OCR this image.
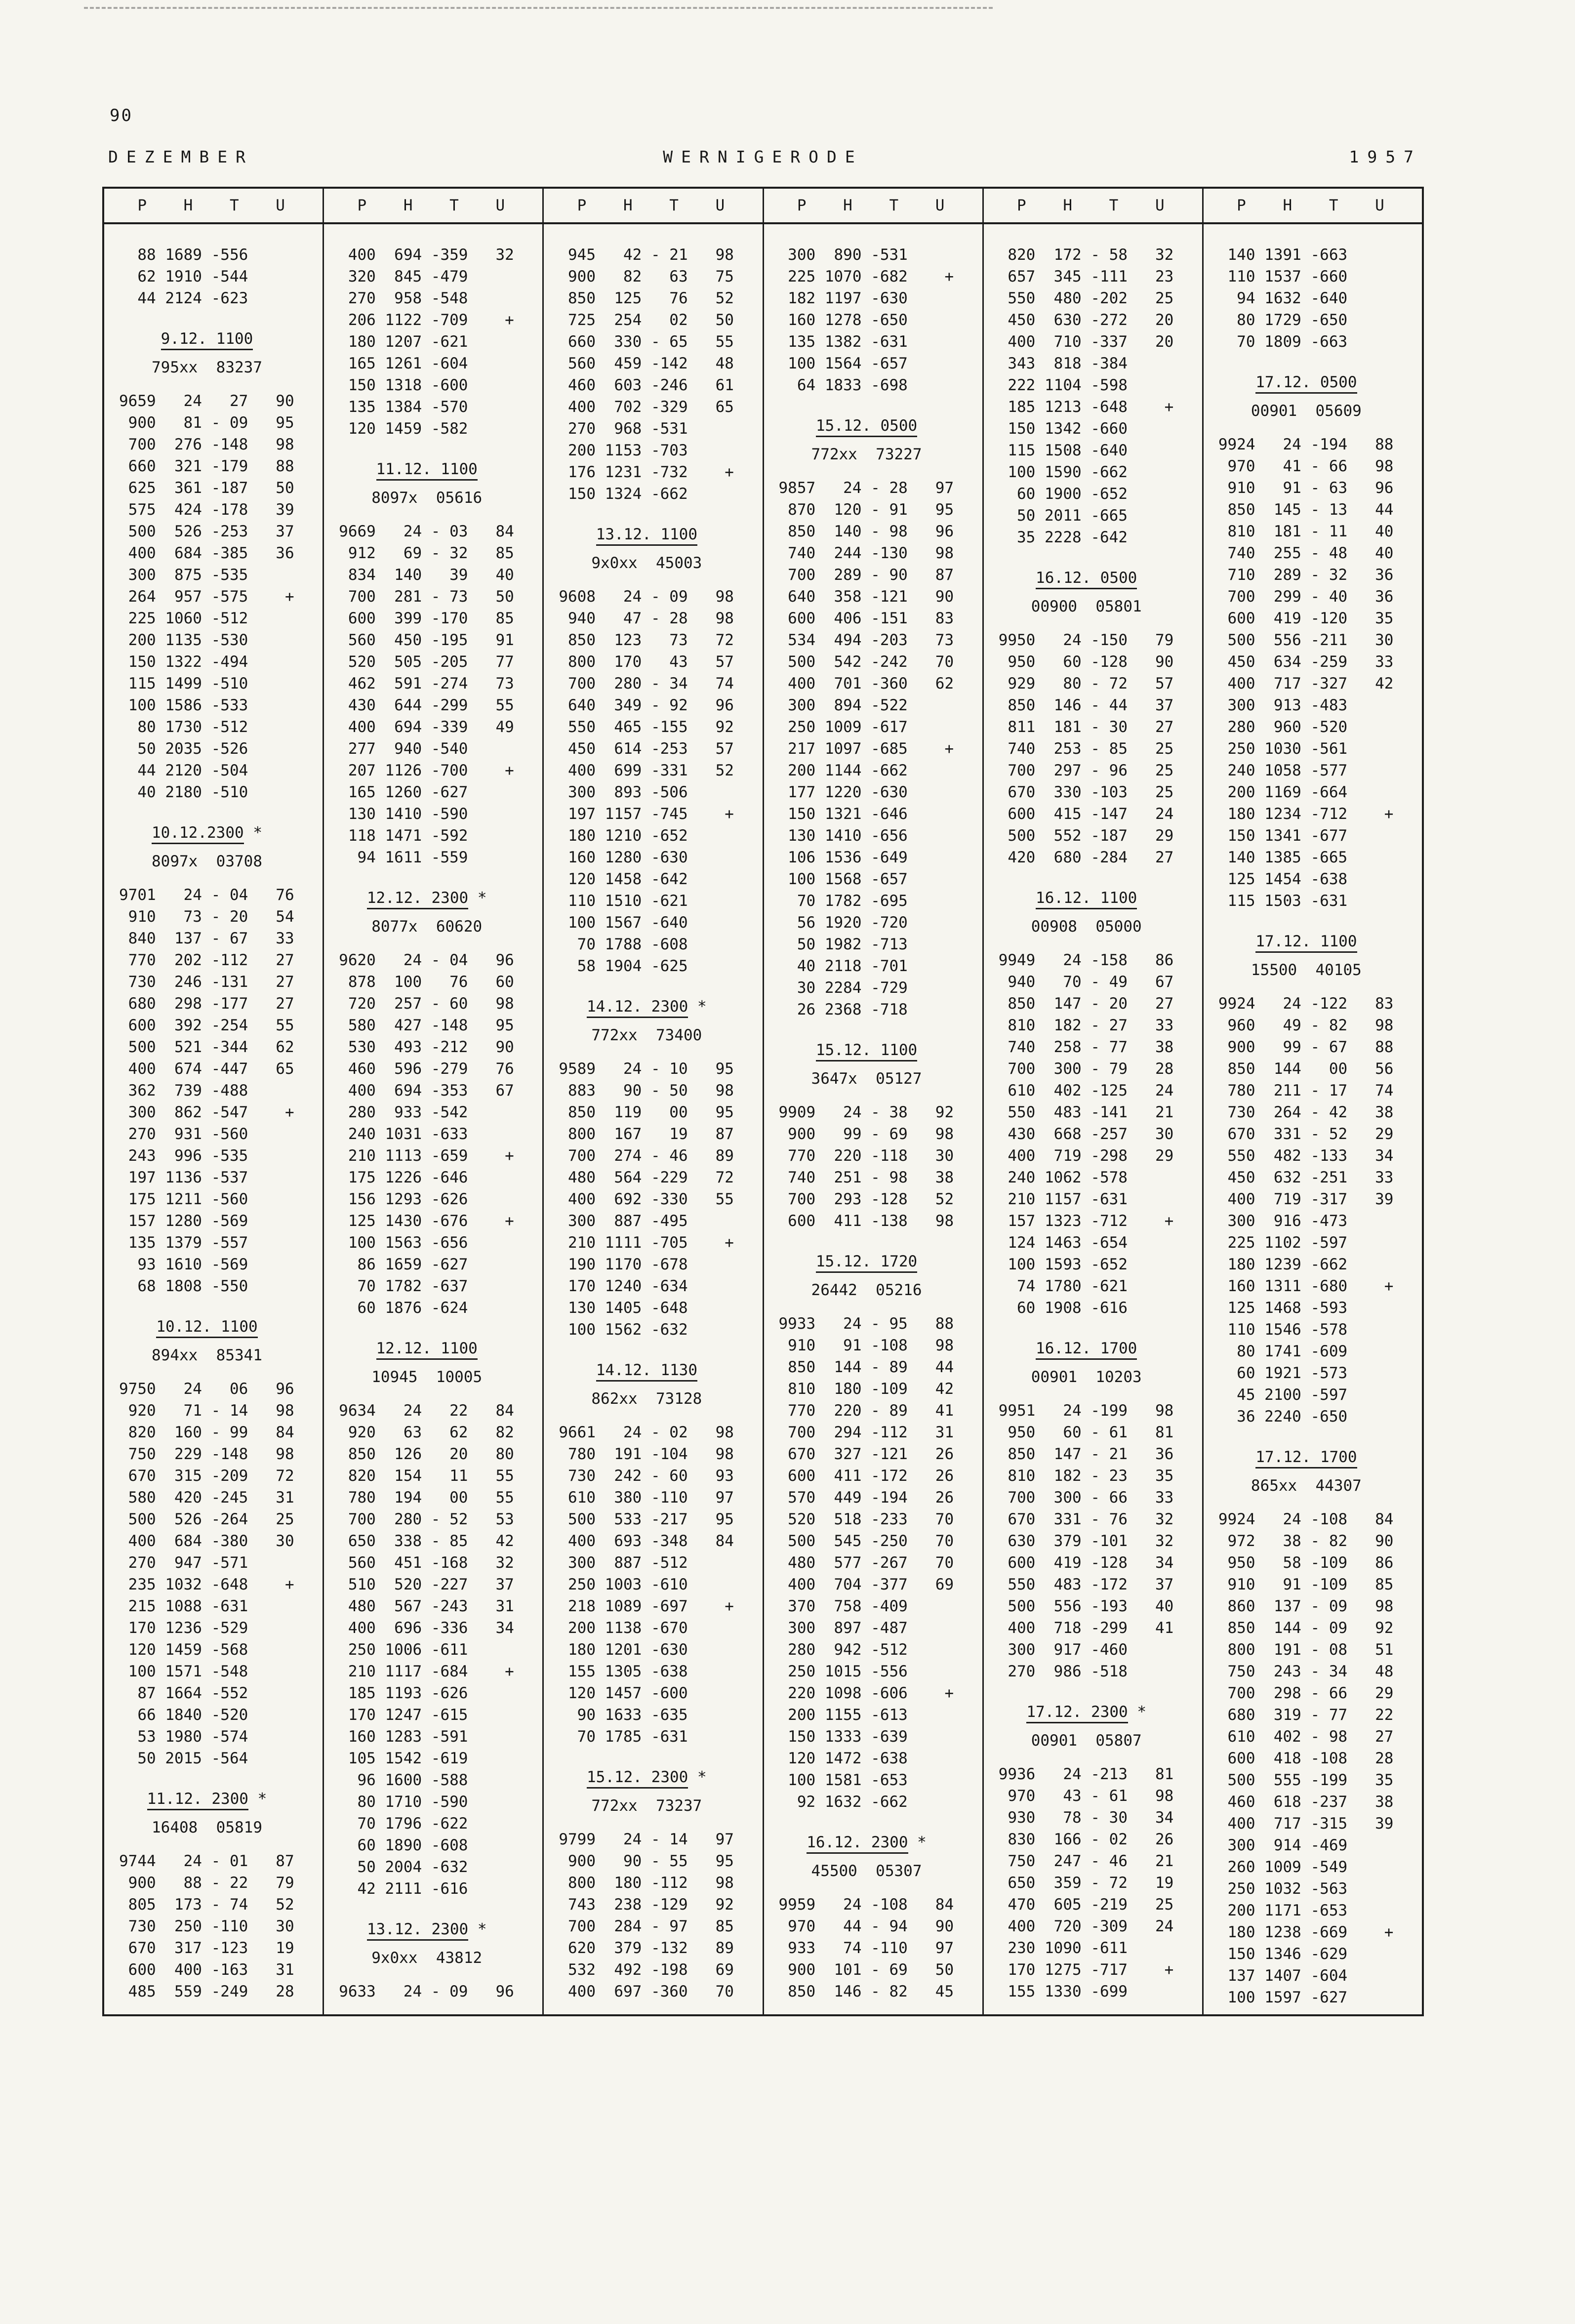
90
DEZEMBER	WERNIGERODE	1957
P    H    T    U	P    H    T    U	P    H    T    U	P    H    T    U	P    H    T    U	P    H    T    U
88 1689 -556
62 1910 -544
44 2124 -623
9.12. 1100
795xx  83237
9659   24   27   90
900   81 - 09   95
700  276 -148   98
660  321 -179   88
625  361 -187   50
575  424 -178   39
500  526 -253   37
400  684 -385   36
300  875 -535
264  957 -575    +
225 1060 -512
200 1135 -530
150 1322 -494
115 1499 -510
100 1586 -533
80 1730 -512
50 2035 -526
44 2120 -504
40 2180 -510
10.12.2300 *
8097x  03708
9701   24 - 04   76
910   73 - 20   54
840  137 - 67   33
770  202 -112   27
730  246 -131   27
680  298 -177   27
600  392 -254   55
500  521 -344   62
400  674 -447   65
362  739 -488
300  862 -547    +
270  931 -560
243  996 -535
197 1136 -537
175 1211 -560
157 1280 -569
135 1379 -557
93 1610 -569
68 1808 -550
10.12. 1100
894xx  85341
9750   24   06   96
920   71 - 14   98
820  160 - 99   84
750  229 -148   98
670  315 -209   72
580  420 -245   31
500  526 -264   25
400  684 -380   30
270  947 -571
235 1032 -648    +
215 1088 -631
170 1236 -529
120 1459 -568
100 1571 -548
87 1664 -552
66 1840 -520
53 1980 -574
50 2015 -564
11.12. 2300 *
16408  05819
9744   24 - 01   87
900   88 - 22   79
805  173 - 74   52
730  250 -110   30
670  317 -123   19
600  400 -163   31
485  559 -249   28
400  694 -359   32
320  845 -479
270  958 -548
206 1122 -709    +
180 1207 -621
165 1261 -604
150 1318 -600
135 1384 -570
120 1459 -582
11.12. 1100
8097x  05616
9669   24 - 03   84
912   69 - 32   85
834  140   39   40
700  281 - 73   50
600  399 -170   85
560  450 -195   91
520  505 -205   77
462  591 -274   73
430  644 -299   55
400  694 -339   49
277  940 -540
207 1126 -700    +
165 1260 -627
130 1410 -590
118 1471 -592
94 1611 -559
12.12. 2300 *
8077x  60620
9620   24 - 04   96
878  100   76   60
720  257 - 60   98
580  427 -148   95
530  493 -212   90
460  596 -279   76
400  694 -353   67
280  933 -542
240 1031 -633
210 1113 -659    +
175 1226 -646
156 1293 -626
125 1430 -676    +
100 1563 -656
86 1659 -627
70 1782 -637
60 1876 -624
12.12. 1100
10945  10005
9634   24   22   84
920   63   62   82
850  126   20   80
820  154   11   55
780  194   00   55
700  280 - 52   53
650  338 - 85   42
560  451 -168   32
510  520 -227   37
480  567 -243   31
400  696 -336   34
250 1006 -611
210 1117 -684    +
185 1193 -626
170 1247 -615
160 1283 -591
105 1542 -619
96 1600 -588
80 1710 -590
70 1796 -622
60 1890 -608
50 2004 -632
42 2111 -616
13.12. 2300 *
9x0xx  43812
9633   24 - 09   96
945   42 - 21   98
900   82   63   75
850  125   76   52
725  254   02   50
660  330 - 65   55
560  459 -142   48
460  603 -246   61
400  702 -329   65
270  968 -531
200 1153 -703
176 1231 -732    +
150 1324 -662
13.12. 1100
9x0xx  45003
9608   24 - 09   98
940   47 - 28   98
850  123   73   72
800  170   43   57
700  280 - 34   74
640  349 - 92   96
550  465 -155   92
450  614 -253   57
400  699 -331   52
300  893 -506
197 1157 -745    +
180 1210 -652
160 1280 -630
120 1458 -642
110 1510 -621
100 1567 -640
70 1788 -608
58 1904 -625
14.12. 2300 *
772xx  73400
9589   24 - 10   95
883   90 - 50   98
850  119   00   95
800  167   19   87
700  274 - 46   89
480  564 -229   72
400  692 -330   55
300  887 -495
210 1111 -705    +
190 1170 -678
170 1240 -634
130 1405 -648
100 1562 -632
14.12. 1130
862xx  73128
9661   24 - 02   98
780  191 -104   98
730  242 - 60   93
610  380 -110   97
500  533 -217   95
400  693 -348   84
300  887 -512
250 1003 -610
218 1089 -697    +
200 1138 -670
180 1201 -630
155 1305 -638
120 1457 -600
90 1633 -635
70 1785 -631
15.12. 2300 *
772xx  73237
9799   24 - 14   97
900   90 - 55   95
800  180 -112   98
743  238 -129   92
700  284 - 97   85
620  379 -132   89
532  492 -198   69
400  697 -360   70
300  890 -531
225 1070 -682    +
182 1197 -630
160 1278 -650
135 1382 -631
100 1564 -657
64 1833 -698
15.12. 0500
772xx  73227
9857   24 - 28   97
870  120 - 91   95
850  140 - 98   96
740  244 -130   98
700  289 - 90   87
640  358 -121   90
600  406 -151   83
534  494 -203   73
500  542 -242   70
400  701 -360   62
300  894 -522
250 1009 -617
217 1097 -685    +
200 1144 -662
177 1220 -630
150 1321 -646
130 1410 -656
106 1536 -649
100 1568 -657
70 1782 -695
56 1920 -720
50 1982 -713
40 2118 -701
30 2284 -729
26 2368 -718
15.12. 1100
3647x  05127
9909   24 - 38   92
900   99 - 69   98
770  220 -118   30
740  251 - 98   38
700  293 -128   52
600  411 -138   98
15.12. 1720
26442  05216
9933   24 - 95   88
910   91 -108   98
850  144 - 89   44
810  180 -109   42
770  220 - 89   41
700  294 -112   31
670  327 -121   26
600  411 -172   26
570  449 -194   26
520  518 -233   70
500  545 -250   70
480  577 -267   70
400  704 -377   69
370  758 -409
300  897 -487
280  942 -512
250 1015 -556
220 1098 -606    +
200 1155 -613
150 1333 -639
120 1472 -638
100 1581 -653
92 1632 -662
16.12. 2300 *
45500  05307
9959   24 -108   84
970   44 - 94   90
933   74 -110   97
900  101 - 69   50
850  146 - 82   45
820  172 - 58   32
657  345 -111   23
550  480 -202   25
450  630 -272   20
400  710 -337   20
343  818 -384
222 1104 -598
185 1213 -648    +
150 1342 -660
115 1508 -640
100 1590 -662
60 1900 -652
50 2011 -665
35 2228 -642
16.12. 0500
00900  05801
9950   24 -150   79
950   60 -128   90
929   80 - 72   57
850  146 - 44   37
811  181 - 30   27
740  253 - 85   25
700  297 - 96   25
670  330 -103   25
600  415 -147   24
500  552 -187   29
420  680 -284   27
16.12. 1100
00908  05000
9949   24 -158   86
940   70 - 49   67
850  147 - 20   27
810  182 - 27   33
740  258 - 77   38
700  300 - 79   28
610  402 -125   24
550  483 -141   21
430  668 -257   30
400  719 -298   29
240 1062 -578
210 1157 -631
157 1323 -712    +
124 1463 -654
100 1593 -652
74 1780 -621
60 1908 -616
16.12. 1700
00901  10203
9951   24 -199   98
950   60 - 61   81
850  147 - 21   36
810  182 - 23   35
700  300 - 66   33
670  331 - 76   32
630  379 -101   32
600  419 -128   34
550  483 -172   37
500  556 -193   40
400  718 -299   41
300  917 -460
270  986 -518
17.12. 2300 *
00901  05807
9936   24 -213   81
970   43 - 61   98
930   78 - 30   34
830  166 - 02   26
750  247 - 46   21
650  359 - 72   19
470  605 -219   25
400  720 -309   24
230 1090 -611
170 1275 -717    +
155 1330 -699
140 1391 -663
110 1537 -660
94 1632 -640
80 1729 -650
70 1809 -663
17.12. 0500
00901  05609
9924   24 -194   88
970   41 - 66   98
910   91 - 63   96
850  145 - 13   44
810  181 - 11   40
740  255 - 48   40
710  289 - 32   36
700  299 - 40   36
600  419 -120   35
500  556 -211   30
450  634 -259   33
400  717 -327   42
300  913 -483
280  960 -520
250 1030 -561
240 1058 -577
200 1169 -664
180 1234 -712    +
150 1341 -677
140 1385 -665
125 1454 -638
115 1503 -631
17.12. 1100
15500  40105
9924   24 -122   83
960   49 - 82   98
900   99 - 67   88
850  144   00   56
780  211 - 17   74
730  264 - 42   38
670  331 - 52   29
550  482 -133   34
450  632 -251   33
400  719 -317   39
300  916 -473
225 1102 -597
180 1239 -662
160 1311 -680    +
125 1468 -593
110 1546 -578
80 1741 -609
60 1921 -573
45 2100 -597
36 2240 -650
17.12. 1700
865xx  44307
9924   24 -108   84
972   38 - 82   90
950   58 -109   86
910   91 -109   85
860  137 - 09   98
850  144 - 09   92
800  191 - 08   51
750  243 - 34   48
700  298 - 66   29
680  319 - 77   22
610  402 - 98   27
600  418 -108   28
500  555 -199   35
460  618 -237   38
400  717 -315   39
300  914 -469
260 1009 -549
250 1032 -563
200 1171 -653
180 1238 -669    +
150 1346 -629
137 1407 -604
100 1597 -627
